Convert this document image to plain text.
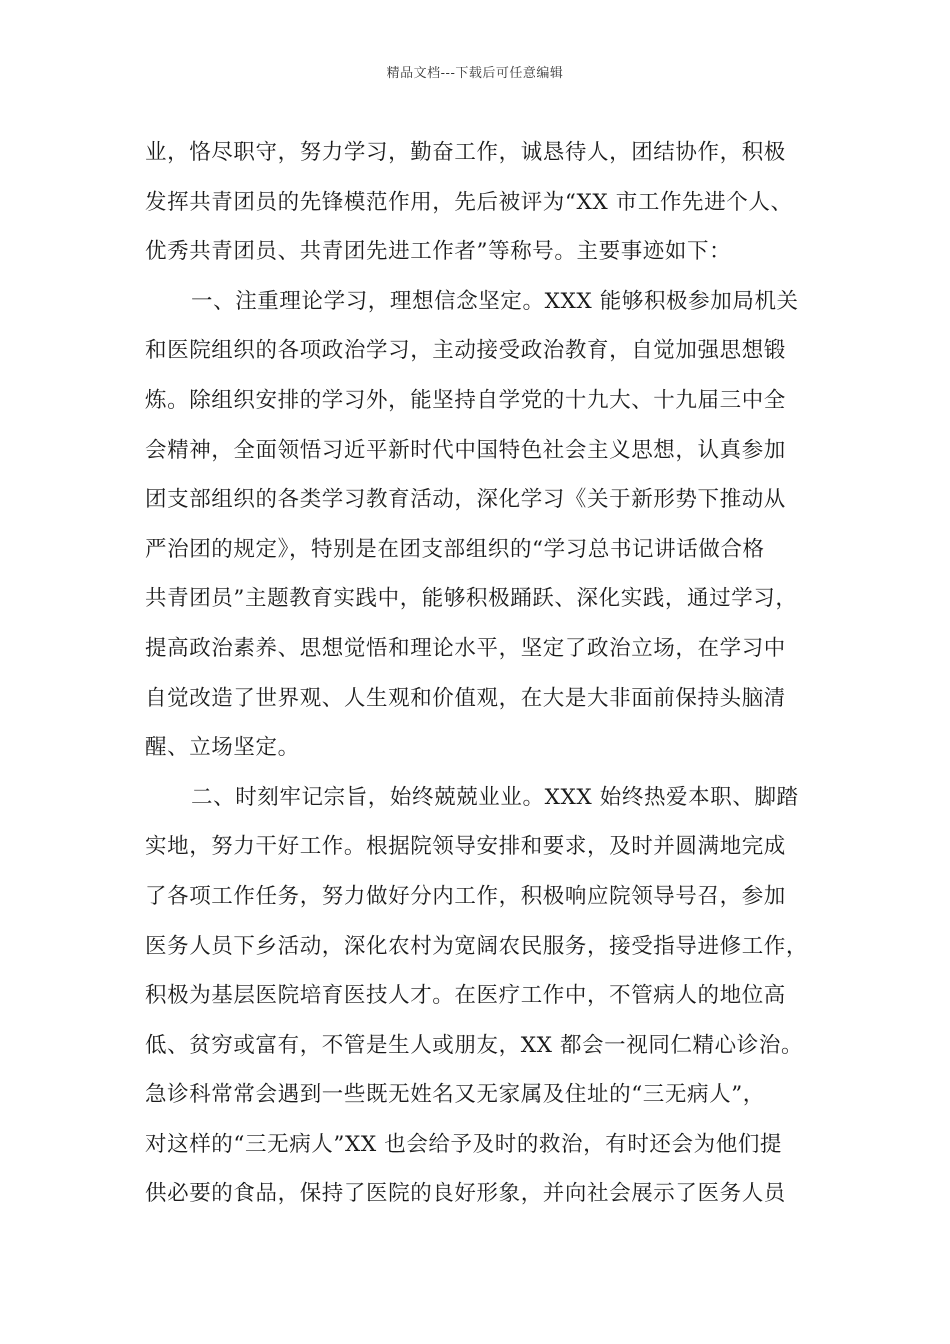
精品文档---下载后可任意编辑
业，恪尽职守，努力学习，勤奋工作，诚恳待人，团结协作，积极
发挥共青团员的先锋模范作用，先后被评为“XX 市工作先进个人、
优秀共青团员、共青团先进工作者”等称号。主要事迹如下：
一、注重理论学习，理想信念坚定。XXX 能够积极参加局机关
和医院组织的各项政治学习，主动接受政治教育，自觉加强思想锻
炼。除组织安排的学习外，能坚持自学党的十九大、十九届三中全
会精神，全面领悟习近平新时代中国特色社会主义思想，认真参加
团支部组织的各类学习教育活动，深化学习《关于新形势下推动从
严治团的规定》，特别是在团支部组织的“学习总书记讲话做合格
共青团员”主题教育实践中，能够积极踊跃、深化实践，通过学习，
提高政治素养、思想觉悟和理论水平，坚定了政治立场，在学习中
自觉改造了世界观、人生观和价值观，在大是大非面前保持头脑清
醒、立场坚定。
二、时刻牢记宗旨，始终兢兢业业。XXX 始终热爱本职、脚踏
实地，努力干好工作。根据院领导安排和要求，及时并圆满地完成
了各项工作任务，努力做好分内工作，积极响应院领导号召，参加
医务人员下乡活动，深化农村为宽阔农民服务，接受指导进修工作，
积极为基层医院培育医技人才。在医疗工作中，不管病人的地位高
低、贫穷或富有，不管是生人或朋友，XX 都会一视同仁精心诊治。
急诊科常常会遇到一些既无姓名又无家属及住址的“三无病人”，
对这样的“三无病人”XX 也会给予及时的救治，有时还会为他们提
供必要的食品，保持了医院的良好形象，并向社会展示了医务人员
